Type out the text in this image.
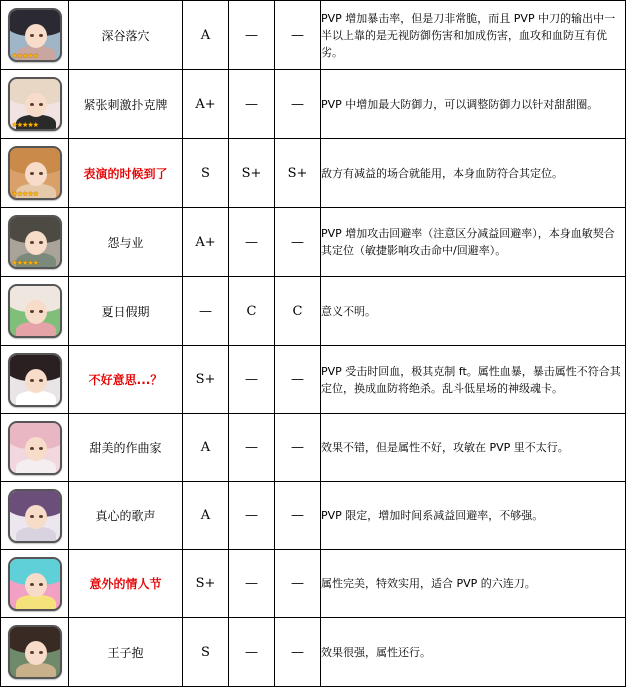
★★★★★	深谷落穴	A	—	—	PVP 增加暴击率，但是刀非常脆，而且 PVP 中刀的输出中一半以上靠的是无视防御伤害和加成伤害，血攻和血防互有优劣。

★★★★★	紧张刺激扑克牌	A+	—	—	PVP 中增加最大防御力，可以调整防御力以针对甜甜圈。

★★★★★	表演的时候到了	S	S+	S+	敌方有减益的场合就能用，本身血防符合其定位。

★★★★★	怨与业	A+	—	—	PVP 增加攻击回避率（注意区分减益回避率），本身血敏契合其定位（敏捷影响攻击命中/回避率）。

	夏日假期	—	C	C	意义不明。

	不好意思...？	S+	—	—	PVP 受击时回血，极其克制 ft。属性血暴，暴击属性不符合其定位，换成血防将绝杀。乱斗低星场的神级魂卡。

	甜美的作曲家	A	—	—	效果不错，但是属性不好，攻敏在 PVP 里不太行。

	真心的歌声	A	—	—	PVP 限定，增加时间系减益回避率，不够强。

	意外的情人节	S+	—	—	属性完美，特效实用，适合 PVP 的六连刀。

	王子抱	S	—	—	效果很强，属性还行。
